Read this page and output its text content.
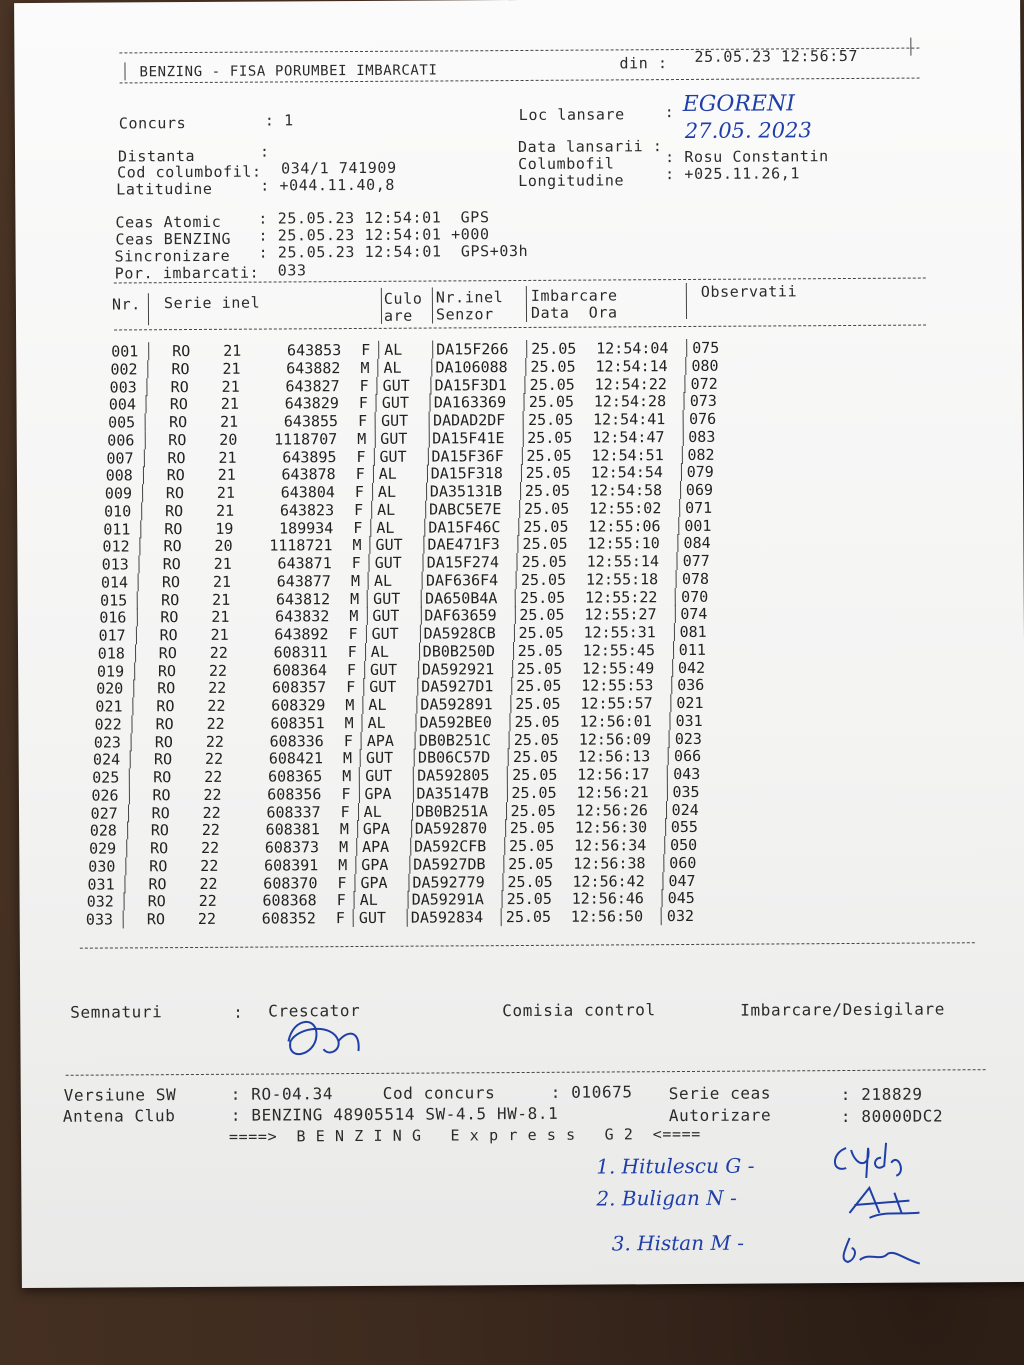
BENZING - FISA PORUMBEI IMBARCATI	din : 25.05.23 12:56:57
Concurs	: 1	Loc lansare	: EGORENI
Distanta	:	Data lansarii :
27.05. 2023
Cod columbofil: 034/1 741909	Columbofil	: Rosu Constantin
Latitudine	: +044.11.40,8	Longitudine	: +025.11.26,1
Ceas Atomic : 25.05.23 12:54:01  GPS
Ceas BENZING : 25.05.23 12:54:01 +000
Sincronizare : 25.05.23 12:54:01  GPS+03h
Por. imbarcati: 033
Nr. Serie inel	Culo
are
Nr.inel
Senzor
Imbarcare
Data  Ora
Observatii
001 RO 21	643853 F AL DA15F266 25.05 12:54:04 075
002 RO 21	643882 M AL DA106088 25.05 12:54:14 080
003 RO 21	643827 F GUT DA15F3D1 25.05 12:54:22 072
004 RO 21	643829 F GUT DA163369 25.05 12:54:28 073
005 RO 21	643855 F GUT DADAD2DF 25.05 12:54:41 076
006 RO 20	1118707 M GUT DA15F41E 25.05 12:54:47 083
007 RO 21	643895 F GUT DA15F36F 25.05 12:54:51 082
008 RO 21	643878 F AL DA15F318 25.05 12:54:54 079
009 RO 21	643804 F AL DA35131B 25.05 12:54:58 069
010 RO 21	643823 F AL DABC5E7E 25.05 12:55:02 071
011 RO 19	189934 F AL DA15F46C 25.05 12:55:06 001
012 RO 20	1118721 M GUT DAE471F3 25.05 12:55:10 084
013 RO 21	643871 F GUT DA15F274 25.05 12:55:14 077
014 RO 21	643877 M AL DAF636F4 25.05 12:55:18 078
015 RO 21	643812 M GUT DA650B4A 25.05 12:55:22 070
016 RO 21	643832 M GUT DAF63659 25.05 12:55:27 074
017 RO 21	643892 F GUT DA5928CB 25.05 12:55:31 081
018 RO 22	608311 F AL DB0B250D 25.05 12:55:45 011
019 RO 22	608364 F GUT DA592921 25.05 12:55:49 042
020 RO 22	608357 F GUT DA5927D1 25.05 12:55:53 036
021 RO 22	608329 M AL DA592891 25.05 12:55:57 021
022 RO 22	608351 M AL DA592BE0 25.05 12:56:01 031
023 RO 22	608336 F APA DB0B251C 25.05 12:56:09 023
024 RO 22	608421 M GUT DB06C57D 25.05 12:56:13 066
025 RO 22	608365 M GUT DA592805 25.05 12:56:17 043
026 RO 22	608356 F GPA DA35147B 25.05 12:56:21 035
027 RO 22	608337 F AL DB0B251A 25.05 12:56:26 024
028 RO 22	608381 M GPA DA592870 25.05 12:56:30 055
029 RO 22	608373 M APA DA592CFB 25.05 12:56:34 050
030 RO 22	608391 M GPA DA5927DB 25.05 12:56:38 060
031 RO 22	608370 F GPA DA592779 25.05 12:56:42 047
032 RO 22	608368 F AL DA59291A 25.05 12:56:46 045
033 RO 22	608352 F GUT DA592834 25.05 12:56:50 032
Semnaturi	: Crescator	Comisia control	Imbarcare/Desigilare
Versiune SW	: RO-04.34	Cod concurs	: 010675 Serie ceas	: 218829
Antena Club	: BENZING 48905514 SW-4.5 HW-8.1	Autorizare	: 80000DC2
====>  B E N Z I N G   E x p r e s s   G 2  <====
1. Hitulescu G -
2. Buligan N -
3. Histan M -
